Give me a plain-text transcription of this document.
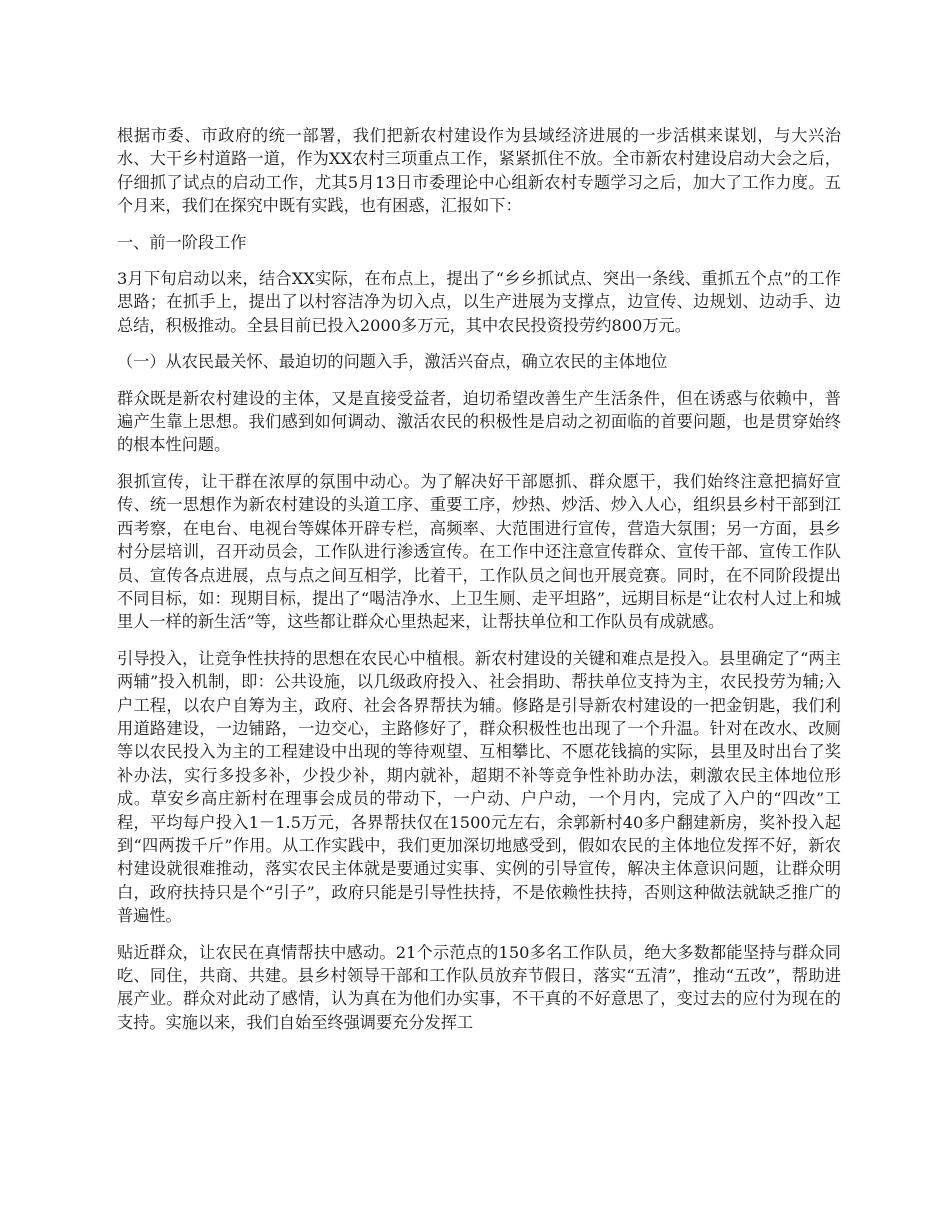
根据市委、市政府的统一部署，我们把新农村建设作为县域经济进展的一步活棋来谋划，与大兴治水、大干乡村道路一道，作为XX农村三项重点工作，紧紧抓住不放。全市新农村建设启动大会之后，仔细抓了试点的启动工作，尤其5月13日市委理论中心组新农村专题学习之后，加大了工作力度。五个月来，我们在探究中既有实践，也有困惑，汇报如下：

一、前一阶段工作

3月下旬启动以来，结合XX实际，在布点上，提出了“乡乡抓试点、突出一条线、重抓五个点”的工作思路；在抓手上，提出了以村容洁净为切入点，以生产进展为支撑点，边宣传、边规划、边动手、边总结，积极推动。全县目前已投入2000多万元，其中农民投资投劳约800万元。

（一）从农民最关怀、最迫切的问题入手，激活兴奋点，确立农民的主体地位

群众既是新农村建设的主体，又是直接受益者，迫切希望改善生产生活条件，但在诱惑与依赖中，普遍产生靠上思想。我们感到如何调动、激活农民的积极性是启动之初面临的首要问题，也是贯穿始终的根本性问题。

狠抓宣传，让干群在浓厚的氛围中动心。为了解决好干部愿抓、群众愿干，我们始终注意把搞好宣传、统一思想作为新农村建设的头道工序、重要工序，炒热、炒活、炒入人心，组织县乡村干部到江西考察，在电台、电视台等媒体开辟专栏，高频率、大范围进行宣传，营造大氛围；另一方面，县乡村分层培训，召开动员会，工作队进行渗透宣传。在工作中还注意宣传群众、宣传干部、宣传工作队员、宣传各点进展，点与点之间互相学，比着干，工作队员之间也开展竞赛。同时，在不同阶段提出不同目标，如：现期目标，提出了“喝洁净水、上卫生厕、走平坦路”，远期目标是“让农村人过上和城里人一样的新生活”等，这些都让群众心里热起来，让帮扶单位和工作队员有成就感。

引导投入，让竞争性扶持的思想在农民心中植根。新农村建设的关键和难点是投入。县里确定了“两主两辅”投入机制，即：公共设施，以几级政府投入、社会捐助、帮扶单位支持为主，农民投劳为辅;入户工程，以农户自筹为主，政府、社会各界帮扶为辅。修路是引导新农村建设的一把金钥匙，我们利用道路建设，一边铺路，一边交心，主路修好了，群众积极性也出现了一个升温。针对在改水、改厕等以农民投入为主的工程建设中出现的等待观望、互相攀比、不愿花钱搞的实际，县里及时出台了奖补办法，实行多投多补，少投少补，期内就补，超期不补等竞争性补助办法，刺激农民主体地位形成。草安乡高庄新村在理事会成员的带动下，一户动、户户动，一个月内，完成了入户的“四改”工程，平均每户投入1－1.5万元，各界帮扶仅在1500元左右，余郭新村40多户翻建新房，奖补投入起到“四两拨千斤”作用。从工作实践中，我们更加深切地感受到，假如农民的主体地位发挥不好，新农村建设就很难推动，落实农民主体就是要通过实事、实例的引导宣传，解决主体意识问题，让群众明白，政府扶持只是个“引子”，政府只能是引导性扶持，不是依赖性扶持，否则这种做法就缺乏推广的普遍性。

贴近群众，让农民在真情帮扶中感动。21个示范点的150多名工作队员，绝大多数都能坚持与群众同吃、同住，共商、共建。县乡村领导干部和工作队员放弃节假日，落实“五清”，推动“五改”，帮助进展产业。群众对此动了感情，认为真在为他们办实事，不干真的不好意思了，变过去的应付为现在的支持。实施以来，我们自始至终强调要充分发挥工
